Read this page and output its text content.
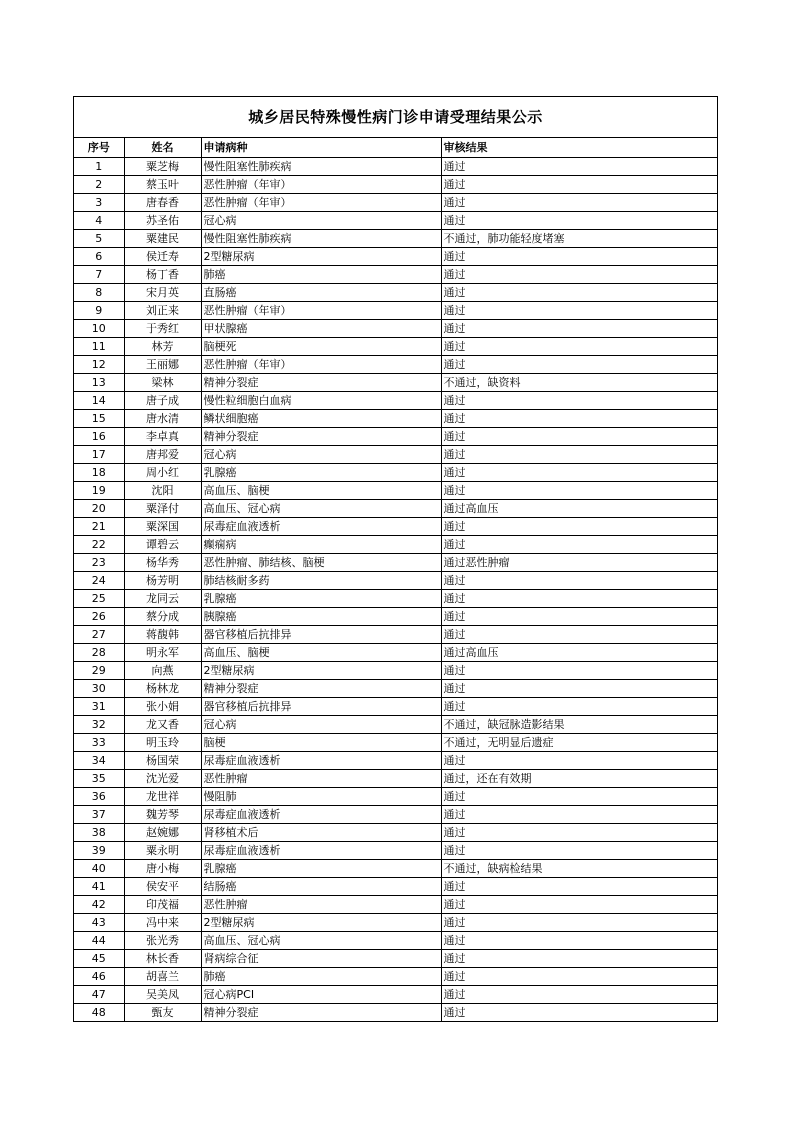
城乡居民特殊慢性病门诊申请受理结果公示
序号	姓名	申请病种	审核结果
1	粟芝梅	慢性阻塞性肺疾病	通过
2	蔡玉叶	恶性肿瘤（年审）	通过
3	唐春香	恶性肿瘤（年审）	通过
4	苏圣佑	冠心病	通过
5	粟建民	慢性阻塞性肺疾病	不通过，肺功能轻度堵塞
6	侯迁寿	2型糖尿病	通过
7	杨丁香	肺癌	通过
8	宋月英	直肠癌	通过
9	刘正来	恶性肿瘤（年审）	通过
10	于秀红	甲状腺癌	通过
11	林芳	脑梗死	通过
12	王丽娜	恶性肿瘤（年审）	通过
13	梁林	精神分裂症	不通过，缺资料
14	唐子成	慢性粒细胞白血病	通过
15	唐水清	鳞状细胞癌	通过
16	李卓真	精神分裂症	通过
17	唐邦爱	冠心病	通过
18	周小红	乳腺癌	通过
19	沈阳	高血压、脑梗	通过
20	粟泽付	高血压、冠心病	通过高血压
21	粟深国	尿毒症血液透析	通过
22	谭碧云	癫痫病	通过
23	杨华秀	恶性肿瘤、肺结核、脑梗	通过恶性肿瘤
24	杨芳明	肺结核耐多药	通过
25	龙同云	乳腺癌	通过
26	蔡分成	胰腺癌	通过
27	蒋馥韩	器官移植后抗排异	通过
28	明永军	高血压、脑梗	通过高血压
29	向燕	2型糖尿病	通过
30	杨林龙	精神分裂症	通过
31	张小娟	器官移植后抗排异	通过
32	龙又香	冠心病	不通过，缺冠脉造影结果
33	明玉玲	脑梗	不通过，无明显后遗症
34	杨国荣	尿毒症血液透析	通过
35	沈光爱	恶性肿瘤	通过，还在有效期
36	龙世祥	慢阻肺	通过
37	魏芳琴	尿毒症血液透析	通过
38	赵婉娜	肾移植术后	通过
39	粟永明	尿毒症血液透析	通过
40	唐小梅	乳腺癌	不通过，缺病检结果
41	侯安平	结肠癌	通过
42	印茂福	恶性肿瘤	通过
43	冯中来	2型糖尿病	通过
44	张光秀	高血压、冠心病	通过
45	林长香	肾病综合征	通过
46	胡喜兰	肺癌	通过
47	吴美凤	冠心病PCI	通过
48	甄友	精神分裂症	通过
